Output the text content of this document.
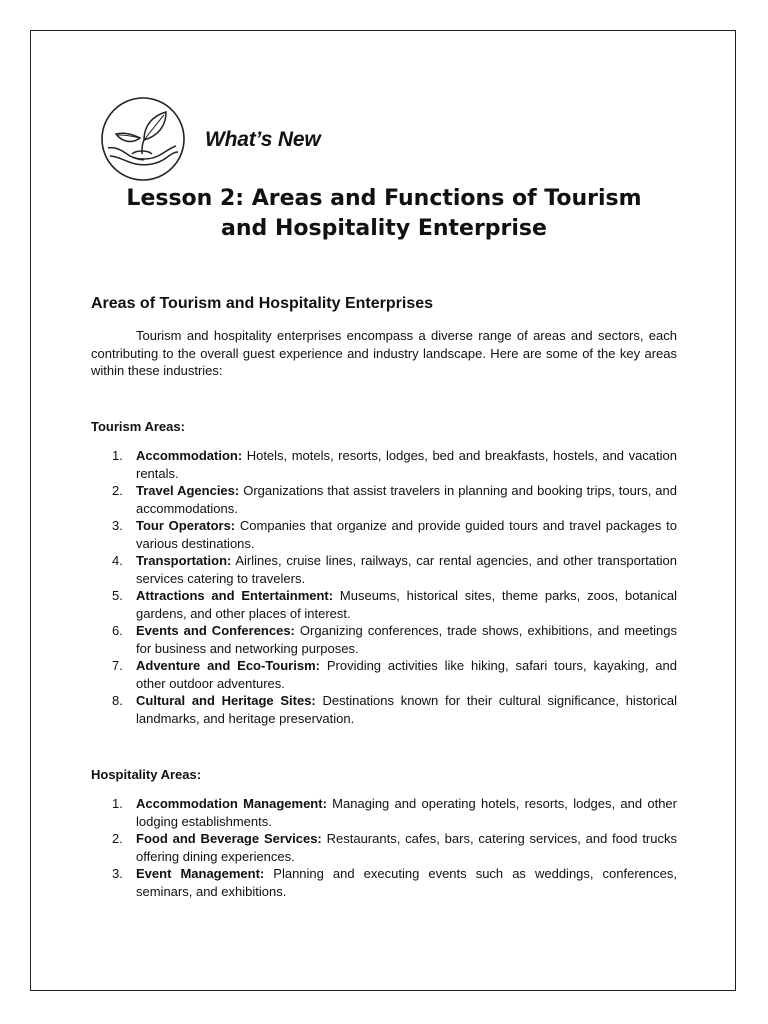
What’s New

Lesson 2: Areas and Functions of Tourism
and Hospitality Enterprise
Areas of Tourism and Hospitality Enterprises

Tourism and hospitality enterprises encompass a diverse range of areas and sectors, each contributing to the overall guest experience and industry landscape. Here are some of the key areas within these industries:

Tourism Areas:
1. Accommodation: Hotels, motels, resorts, lodges, bed and breakfasts, hostels, and vacation rentals.
2. Travel Agencies: Organizations that assist travelers in planning and booking trips, tours, and accommodations.
3. Tour Operators: Companies that organize and provide guided tours and travel packages to various destinations.
4. Transportation: Airlines, cruise lines, railways, car rental agencies, and other transportation services catering to travelers.
5. Attractions and Entertainment: Museums, historical sites, theme parks, zoos, botanical gardens, and other places of interest.
6. Events and Conferences: Organizing conferences, trade shows, exhibitions, and meetings for business and networking purposes.
7. Adventure and Eco-Tourism: Providing activities like hiking, safari tours, kayaking, and other outdoor adventures.
8. Cultural and Heritage Sites: Destinations known for their cultural significance, historical landmarks, and heritage preservation.
Hospitality Areas:
1. Accommodation Management: Managing and operating hotels, resorts, lodges, and other lodging establishments.
2. Food and Beverage Services: Restaurants, cafes, bars, catering services, and food trucks offering dining experiences.
3. Event Management: Planning and executing events such as weddings, conferences, seminars, and exhibitions.
